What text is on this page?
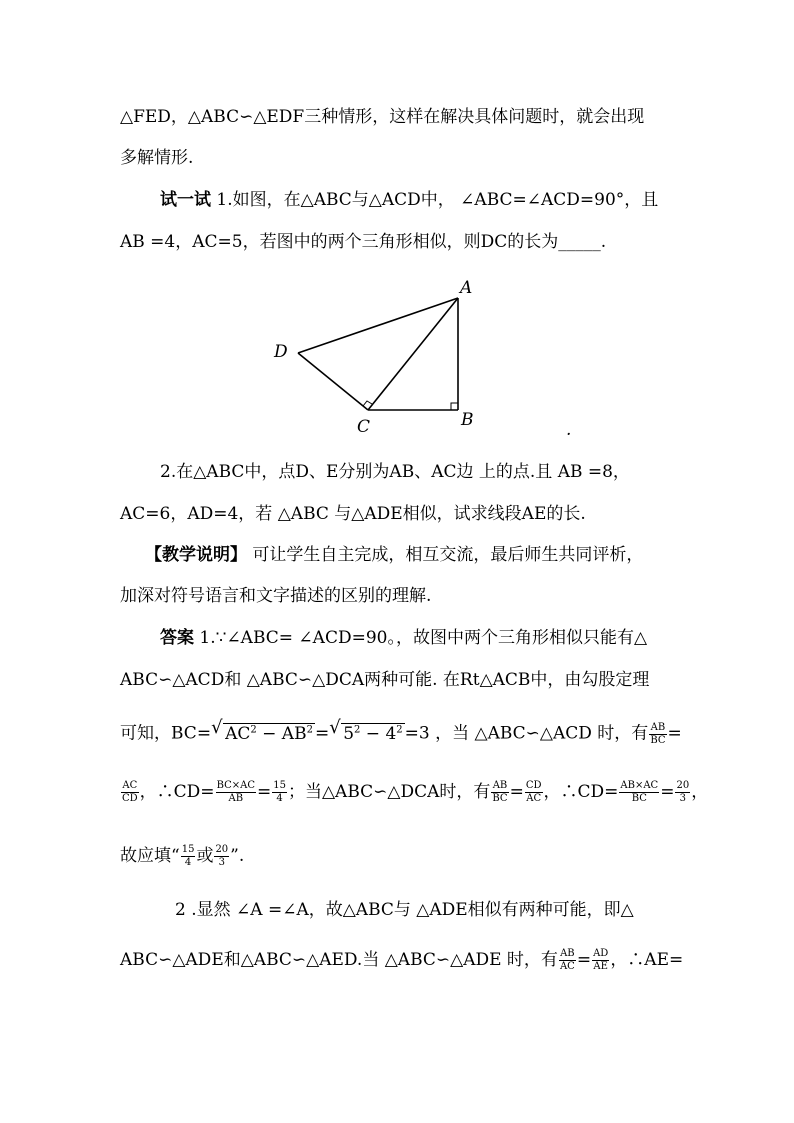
△FED，△ABC∽△EDF三种情形，这样在解决具体问题时，就会出现
多解情形.
试一试 1.如图，在△ABC与△ACD中， ∠ABC=∠ACD=90°，且
AB =4，AC=5，若图中的两个三角形相似，则DC的长为_____.
A
B
C
D
.
2.在△ABC中，点D、E分别为AB、AC边 上的点.且 AB =8，
AC=6，AD=4，若 △ABC 与△ADE相似，试求线段AE的长.
【教学说明】 可让学生自主完成，相互交流，最后师生共同评析，
加深对符号语言和文字描述的区别的理解.
答案 1.∵∠ABC= ∠ACD=90。，故图中两个三角形相似只能有△
ABC∽△ACD和 △ABC∽△DCA两种可能. 在Rt△ACB中，由勾股定理
可知，BC= √ $AC^2 - AB^2$ = √ $5^2 - 4^2 =3$ ，当 △ABC∽△ACD 时，有 $\frac{AB}{BC}$ =
$\frac{AC}{CD}$ ，∴CD= $\frac{BC\times AC}{AB} = \frac{15}{4}$ ；当△ABC∽△DCA时，有 $\frac{AB}{BC} = \frac{CD}{AC}$ ，∴CD= $\frac{AB\times AC}{BC} = \frac{20}{3}$ ，
故应填“ $\frac{15}{4}$ 或 $\frac{20}{3}$ ”.
2 .显然 ∠A =∠A，故△ABC与 △ADE相似有两种可能，即△
ABC∽△ADE和△ABC∽△AED.当 △ABC∽△ADE 时，有 $\frac{AB}{AC} = \frac{AD}{AE}$ ，∴AE=
